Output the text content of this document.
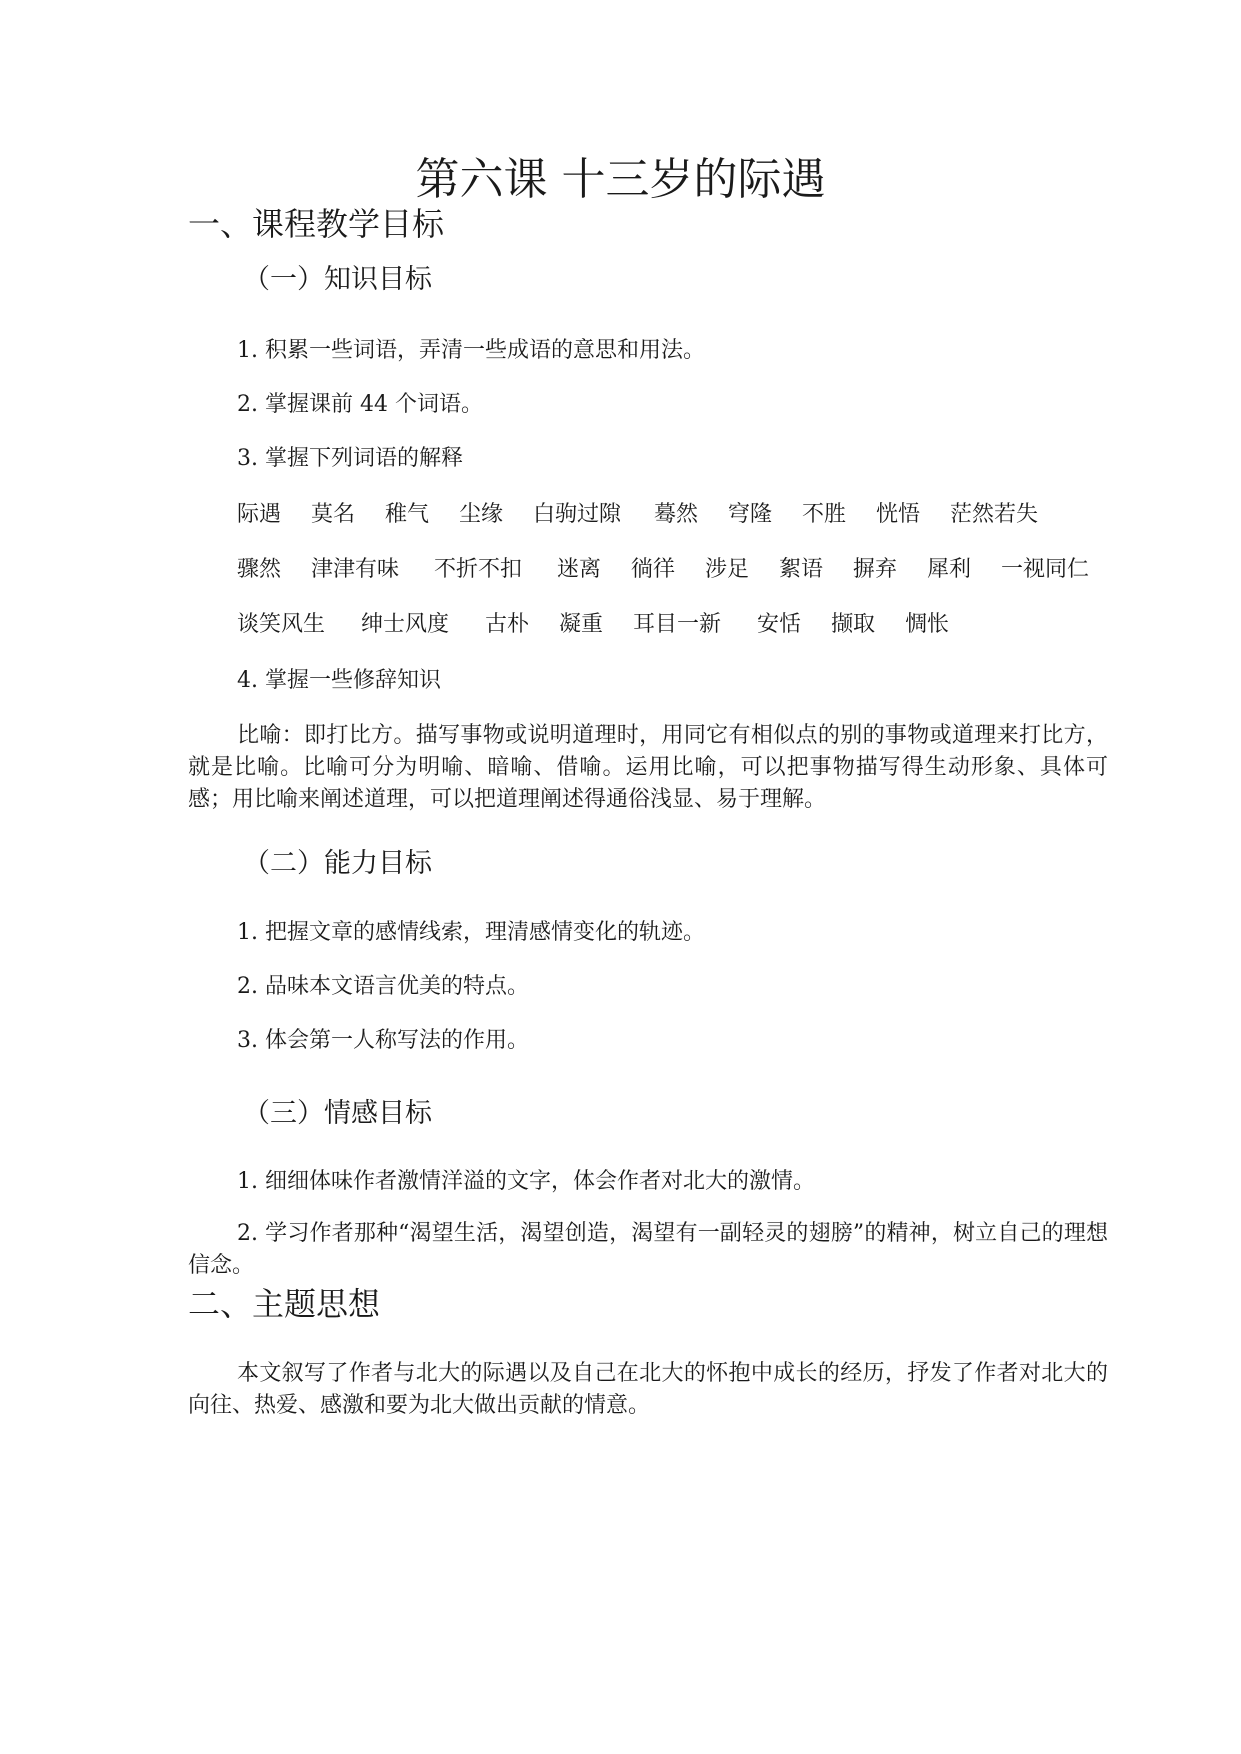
第六课 十三岁的际遇
一、课程教学目标
（一）知识目标
1. 积累一些词语，弄清一些成语的意思和用法。
2. 掌握课前 44 个词语。
3. 掌握下列词语的解释
际遇 莫名 稚气 尘缘 白驹过隙 蓦然 穹隆 不胜 恍悟 茫然若失
骤然 津津有味 不折不扣 迷离 徜徉 涉足 絮语 摒弃 犀利 一视同仁
谈笑风生 绅士风度 古朴 凝重 耳目一新 安恬 撷取 惆怅
4. 掌握一些修辞知识
比喻：即打比方。描写事物或说明道理时，用同它有相似点的别的事物或道理来打比方，就是比喻。比喻可分为明喻、暗喻、借喻。运用比喻，可以把事物描写得生动形象、具体可感；用比喻来阐述道理，可以把道理阐述得通俗浅显、易于理解。
（二）能力目标
1. 把握文章的感情线索，理清感情变化的轨迹。
2. 品味本文语言优美的特点。
3. 体会第一人称写法的作用。
（三）情感目标
1. 细细体味作者激情洋溢的文字，体会作者对北大的激情。
2. 学习作者那种“渴望生活，渴望创造，渴望有一副轻灵的翅膀”的精神，树立自己的理想信念。
二、主题思想
本文叙写了作者与北大的际遇以及自己在北大的怀抱中成长的经历，抒发了作者对北大的向往、热爱、感激和要为北大做出贡献的情意。
